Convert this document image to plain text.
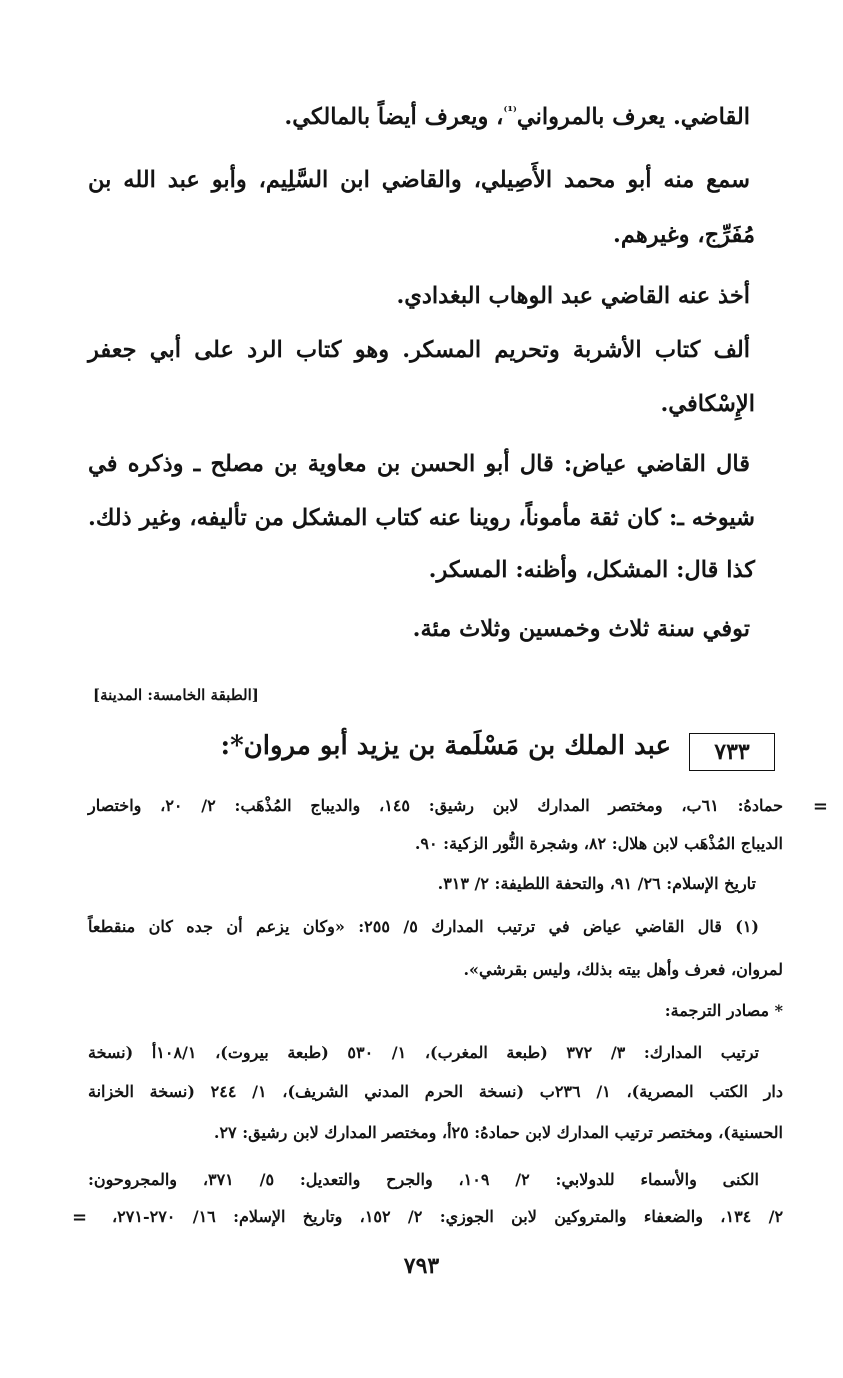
القاضي. يعرف بالمرواني$^{^{(1)}}$، ويعرف أيضاً بالمالكي.
سمع منه أبو محمد الأَصِيلي، والقاضي ابن السَّلِيم، وأبو عبد الله بن
مُفَرِّج، وغيرهم.
أخذ عنه القاضي عبد الوهاب البغدادي.
ألف كتاب الأشربة وتحريم المسكر. وهو كتاب الرد على أبي جعفر
الإِسْكافي.
قال القاضي عياض: قال أبو الحسن بن معاوية بن مصلح ـ وذكره في
شيوخه ـ: كان ثقة مأموناً، روينا عنه كتاب المشكل من تأليفه، وغير ذلك.
كذا قال: المشكل، وأظنه: المسكر.
توفي سنة ثلاث وخمسين وثلاث مئة.
[الطبقة الخامسة: المدينة]
٧٣٣
عبد الملك بن مَسْلَمة بن يزيد أبو مروان*:
=
حمادهُ: ٦١ب، ومختصر المدارك لابن رشيق: ١٤٥، والديباج المُذْهَب: ٢/ ٢٠، واختصار
الديباج المُذْهَب لابن هلال: ٨٢، وشجرة النُّور الزكية: ٩٠.
تاريخ الإسلام: ٢٦/ ٩١، والتحفة اللطيفة: ٢/ ٣١٣.
(١) قال القاضي عياض في ترتيب المدارك ٥/ ٢٥٥: «وكان يزعم أن جده كان منقطعاً
لمروان، فعرف وأهل بيته بذلك، وليس بقرشي».
* مصادر الترجمة:
ترتيب المدارك: ٣/ ٣٧٢ (طبعة المغرب)، ١/ ٥٣٠ (طبعة بيروت)، ١٠٨/١أ (نسخة
دار الكتب المصرية)، ١/ ٢٣٦ب (نسخة الحرم المدني الشريف)، ١/ ٢٤٤ (نسخة الخزانة
الحسنية)، ومختصر ترتيب المدارك لابن حمادهُ: ٢٥أ، ومختصر المدارك لابن رشيق: ٢٧.
الكنى والأسماء للدولابي: ٢/ ١٠٩، والجرح والتعديل: ٥/ ٣٧١، والمجروحون:
٢/ ١٣٤، والضعفاء والمتروكين لابن الجوزي: ٢/ ١٥٢، وتاريخ الإسلام: ١٦/ ٢٧٠-٢٧١،
=
٧٩٣
